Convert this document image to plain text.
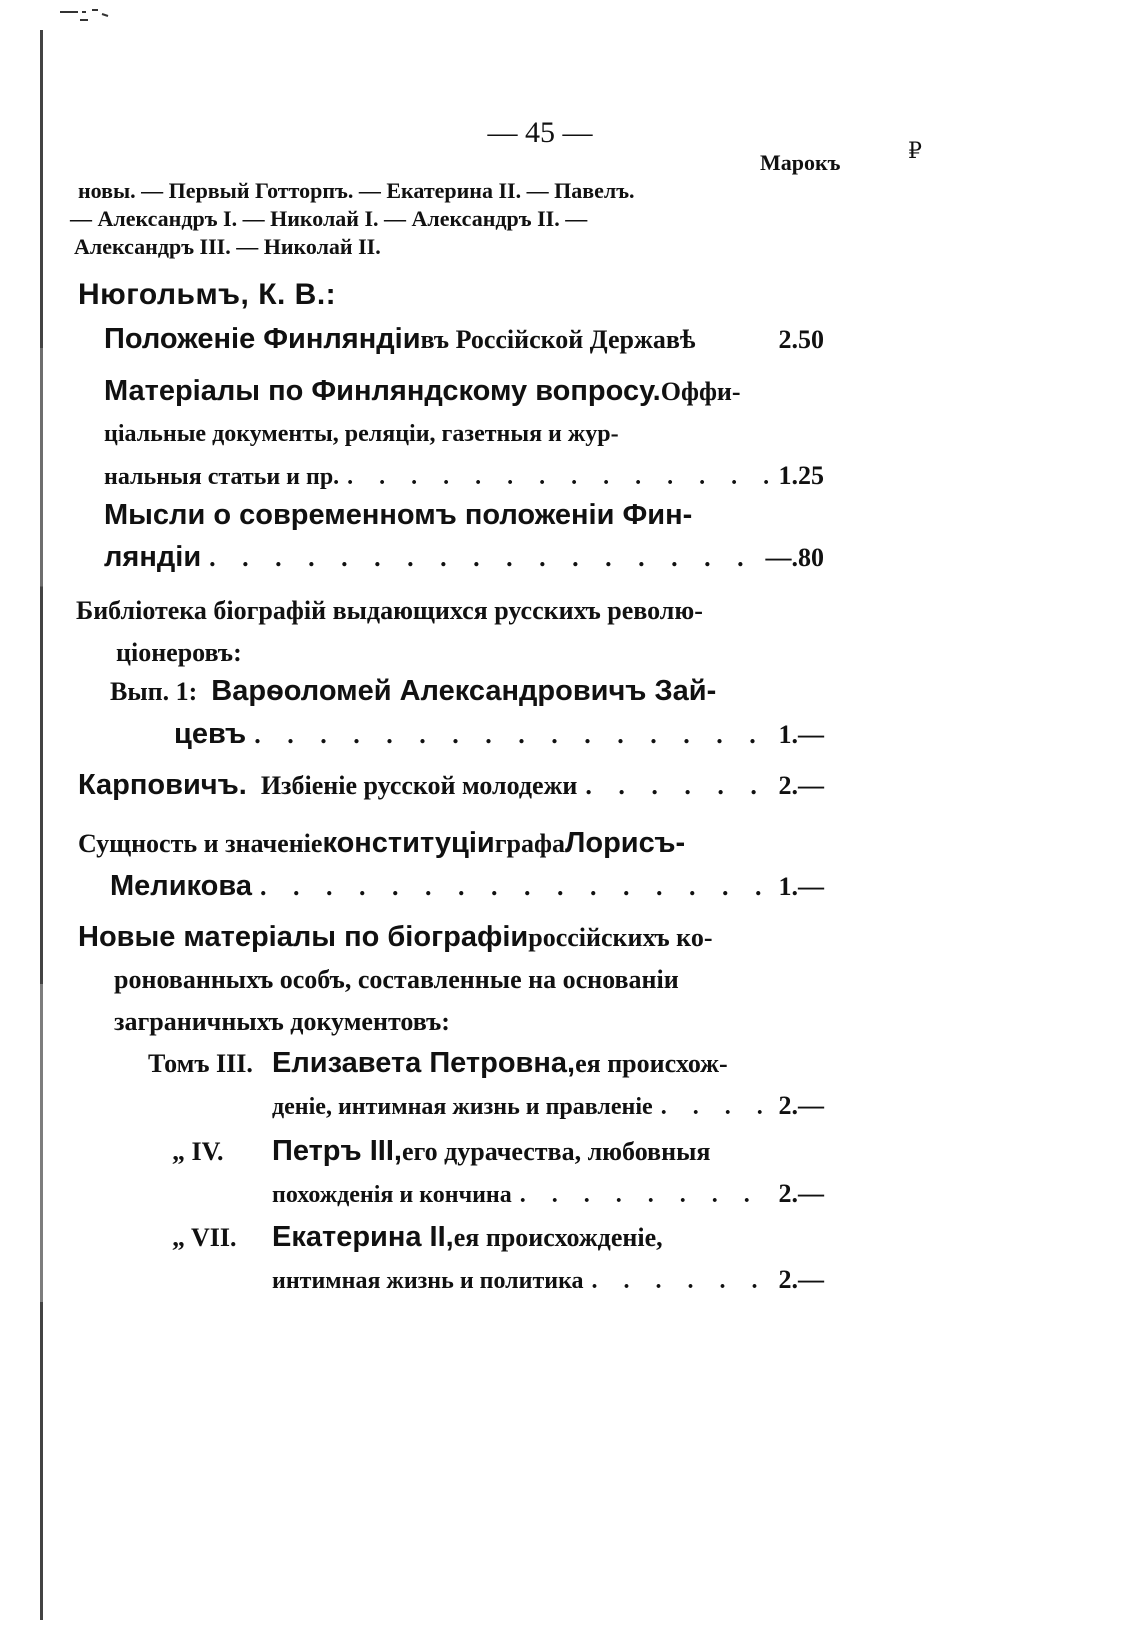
₽
— 45 —
Марокъ
новы. — Первый Готторпъ. — Екатерина II. — Павелъ.
— Александръ I. — Николай I. — Александръ II. —
Александръ III. — Николай II.
Нюгольмъ, К. В.:
Положеніе Финляндіи въ Россійской Державѣ	2.50
Матеріалы по Финляндскому вопросу. Оффи-
ціальные документы, реляціи, газетныя и жур-
нальныя статьи и пр. . . .	1.25
Мысли о современномъ положеніи Фин-
ляндіи . . .	—.80
Библіотека біографій выдающихся русскихъ револю-
ціонеровъ:
Вып. 1: Варѳоломей Александровичъ Зай-
цевъ . . .	1.—
Карповичъ. Избіеніе русской молодежи . . .	2.—
Сущность и значеніе конституціи графа Лорисъ-
Меликова . . .	1.—
Новые матеріалы по біографіи россійскихъ ко-
ронованныхъ особъ, составленные на основаніи
заграничныхъ документовъ:
Томъ III. Елизавета Петровна, ея происхож-
деніе, интимная жизнь и правленіе . . .	2.—
„ IV.	Петръ III, его дурачества, любовныя
похожденія и кончина . . .	2.—
„ VII.	Екатерина II, ея происхожденіе,
интимная жизнь и политика . . .	2.—
